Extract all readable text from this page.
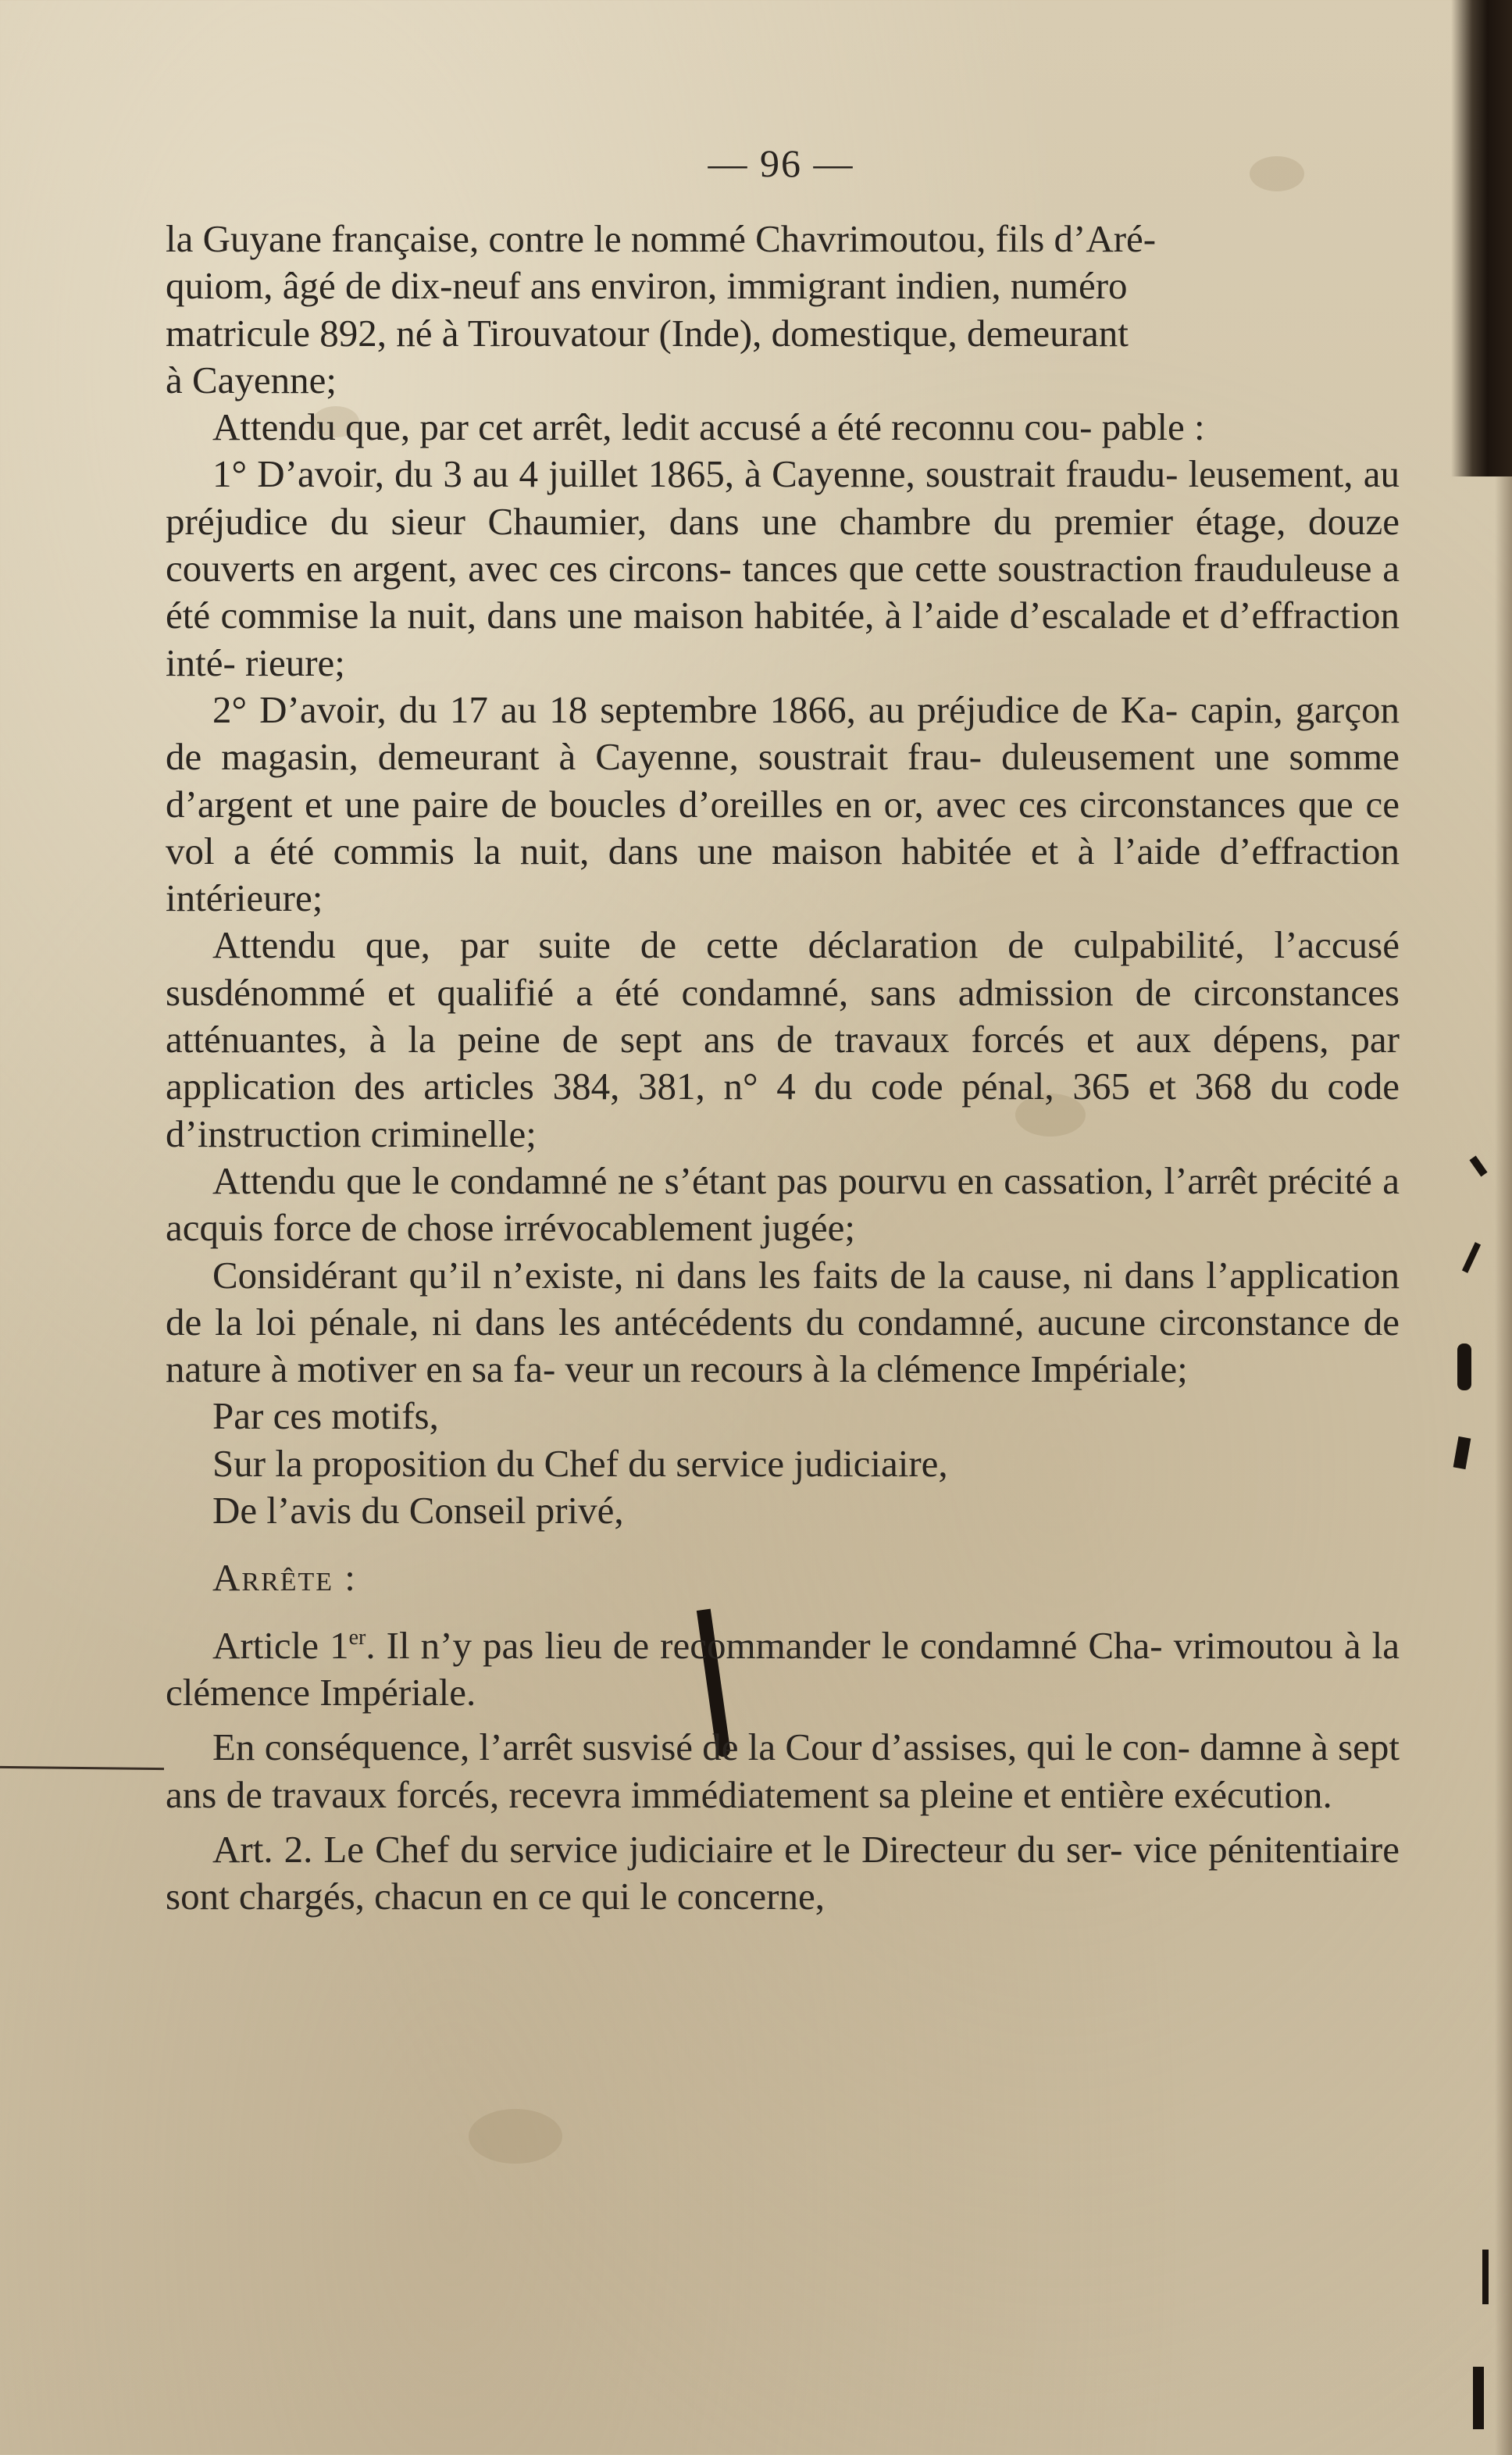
— 96 —

la Guyane française, contre le nommé Chavrimoutou, fils d’Aré-

quiom, âgé de dix-neuf ans environ, immigrant indien, numéro

matricule 892, né à Tirouvatour (Inde), domestique, demeurant

à Cayenne;

Attendu que, par cet arrêt, ledit accusé a été reconnu cou- pable :

1° D’avoir, du 3 au 4 juillet 1865, à Cayenne, soustrait fraudu- leusement, au préjudice du sieur Chaumier, dans une chambre du premier étage, douze couverts en argent, avec ces circons- tances que cette soustraction frauduleuse a été commise la nuit, dans une maison habitée, à l’aide d’escalade et d’effraction inté- rieure;

2° D’avoir, du 17 au 18 septembre 1866, au préjudice de Ka- capin, garçon de magasin, demeurant à Cayenne, soustrait frau- duleusement une somme d’argent et une paire de boucles d’oreilles en or, avec ces circonstances que ce vol a été commis la nuit, dans une maison habitée et à l’aide d’effraction intérieure;

Attendu que, par suite de cette déclaration de culpabilité, l’accusé susdénommé et qualifié a été condamné, sans admission de circonstances atténuantes, à la peine de sept ans de travaux forcés et aux dépens, par application des articles 384, 381, n° 4 du code pénal, 365 et 368 du code d’instruction criminelle;

Attendu que le condamné ne s’étant pas pourvu en cassation, l’arrêt précité a acquis force de chose irrévocablement jugée;

Considérant qu’il n’existe, ni dans les faits de la cause, ni dans l’application de la loi pénale, ni dans les antécédents du condamné, aucune circonstance de nature à motiver en sa fa- veur un recours à la clémence Impériale;

Par ces motifs,

Sur la proposition du Chef du service judiciaire,

De l’avis du Conseil privé,

Arrête :

Article 1er. Il n’y pas lieu de recommander le condamné Cha- vrimoutou à la clémence Impériale.

En conséquence, l’arrêt susvisé de la Cour d’assises, qui le con- damne à sept ans de travaux forcés, recevra immédiatement sa pleine et entière exécution.

Art. 2. Le Chef du service judiciaire et le Directeur du ser- vice pénitentiaire sont chargés, chacun en ce qui le concerne,
